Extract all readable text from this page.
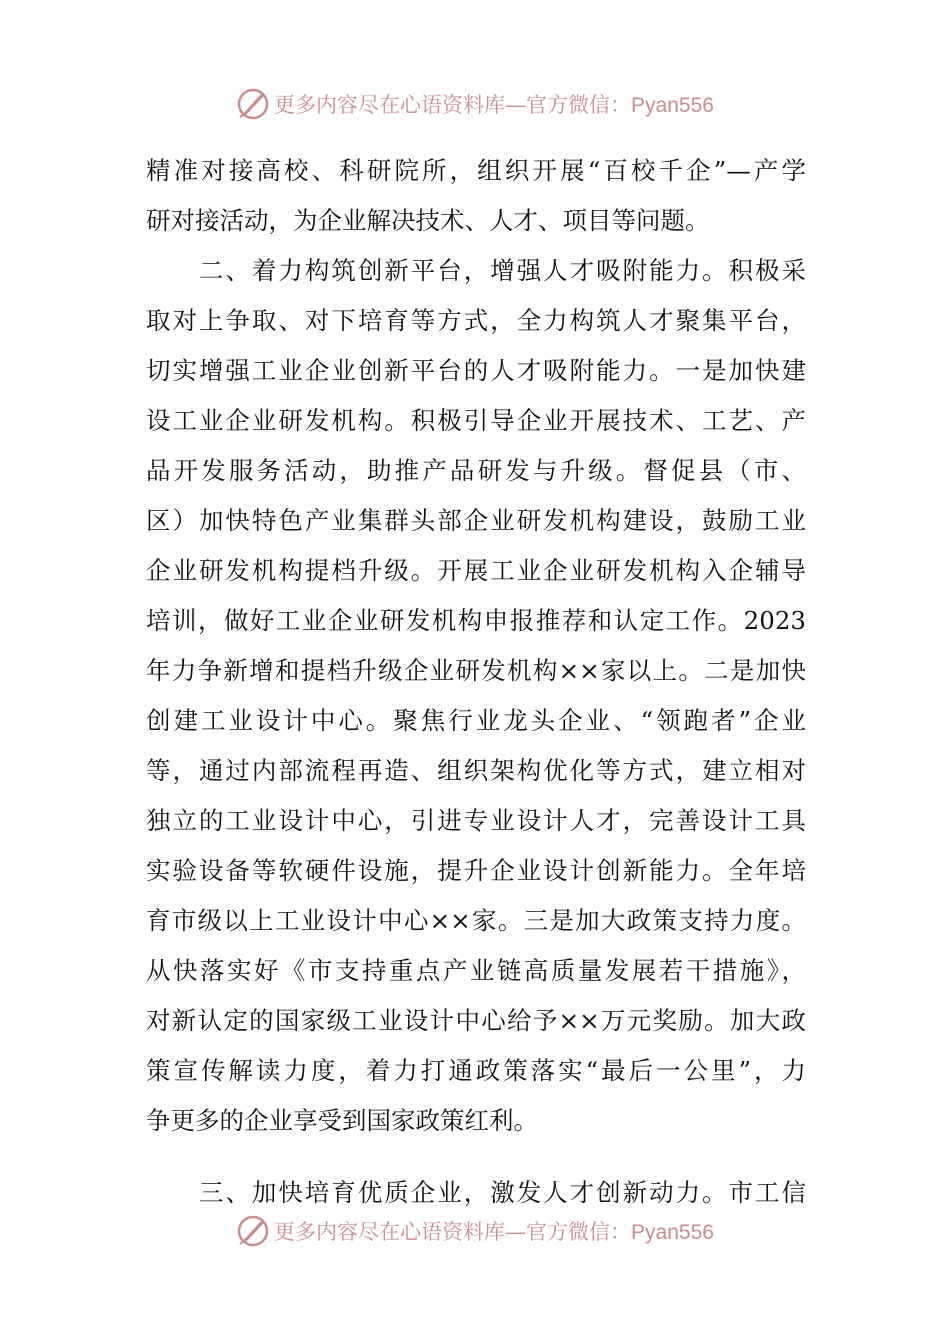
更多内容尽在心语资料库—官方微信：Pyan556
精准对接高校、科研院所，组织开展“百校千企”—产学
研对接活动，为企业解决技术、人才、项目等问题。
　　二、着力构筑创新平台，增强人才吸附能力。积极采
取对上争取、对下培育等方式，全力构筑人才聚集平台，
切实增强工业企业创新平台的人才吸附能力。一是加快建
设工业企业研发机构。积极引导企业开展技术、工艺、产
品开发服务活动，助推产品研发与升级。督促县（市、
区）加快特色产业集群头部企业研发机构建设，鼓励工业
企业研发机构提档升级。开展工业企业研发机构入企辅导
培训，做好工业企业研发机构申报推荐和认定工作。2023
年力争新增和提档升级企业研发机构××家以上。二是加快
创建工业设计中心。聚焦行业龙头企业、“领跑者”企业
等，通过内部流程再造、组织架构优化等方式，建立相对
独立的工业设计中心，引进专业设计人才，完善设计工具
实验设备等软硬件设施，提升企业设计创新能力。全年培
育市级以上工业设计中心××家。三是加大政策支持力度。
从快落实好《市支持重点产业链高质量发展若干措施》，
对新认定的国家级工业设计中心给予××万元奖励。加大政
策宣传解读力度，着力打通政策落实“最后一公里”，力
争更多的企业享受到国家政策红利。
　　三、加快培育优质企业，激发人才创新动力。市工信
更多内容尽在心语资料库—官方微信：Pyan556
